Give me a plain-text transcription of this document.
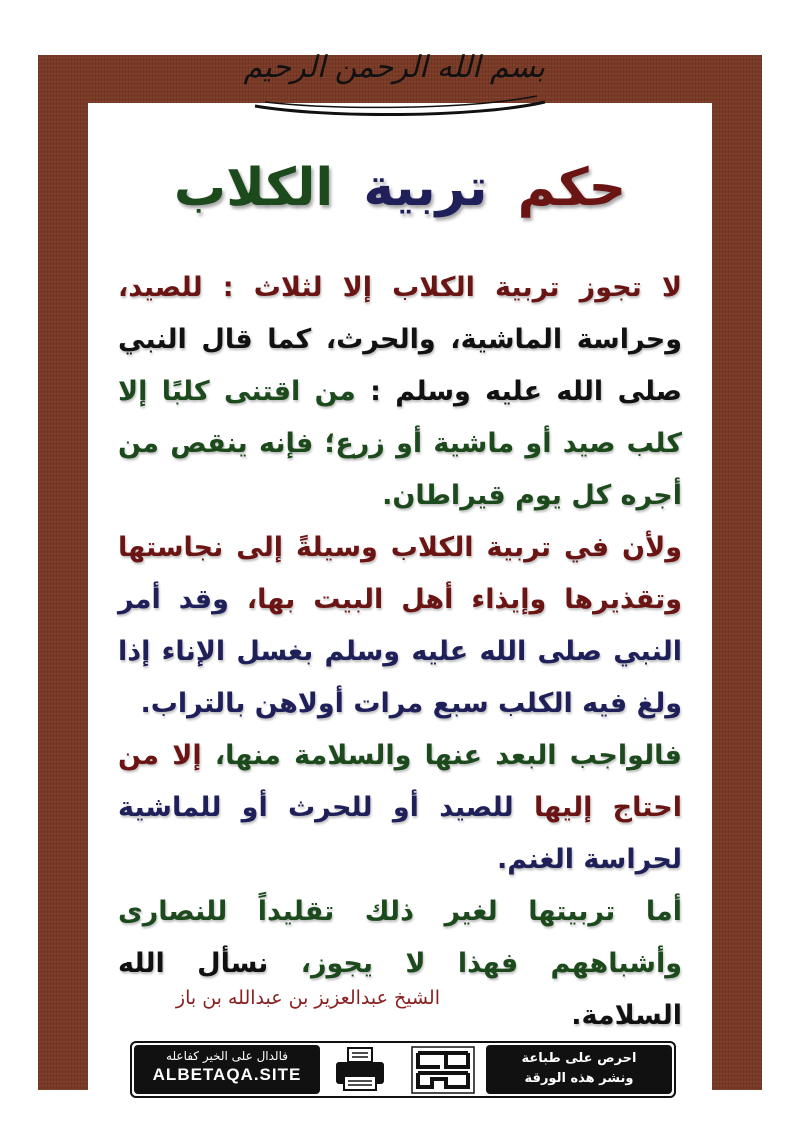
بسم الله الرحمن الرحيم
حكم تربية الكلاب

لا تجوز تربية الكلاب إلا لثلاث : للصيد، وحراسة الماشية، والحرث، كما قال النبي صلى الله عليه وسلم : من اقتنى كلبًا إلا كلب صيد أو ماشية أو زرع؛ فإنه ينقص من أجره كل يوم قيراطان.

ولأن في تربية الكلاب وسيلةً إلى نجاستها وتقذيرها وإيذاء أهل البيت بها، وقد أمر النبي صلى الله عليه وسلم بغسل الإناء إذا ولغ فيه الكلب سبع مرات أولاهن بالتراب.

فالواجب البعد عنها والسلامة منها، إلا من احتاج إليها للصيد أو للحرث أو للماشية لحراسة الغنم.

أما تربيتها لغير ذلك تقليداً للنصارى وأشباههم فهذا لا يجوز، نسأل الله السلامة.

الشيخ عبدالعزيز بن عبدالله بن باز
فالدال على الخير كفاعله
ALBETAQA.SITE
احرص على طباعة
ونشر هذه الورقة
